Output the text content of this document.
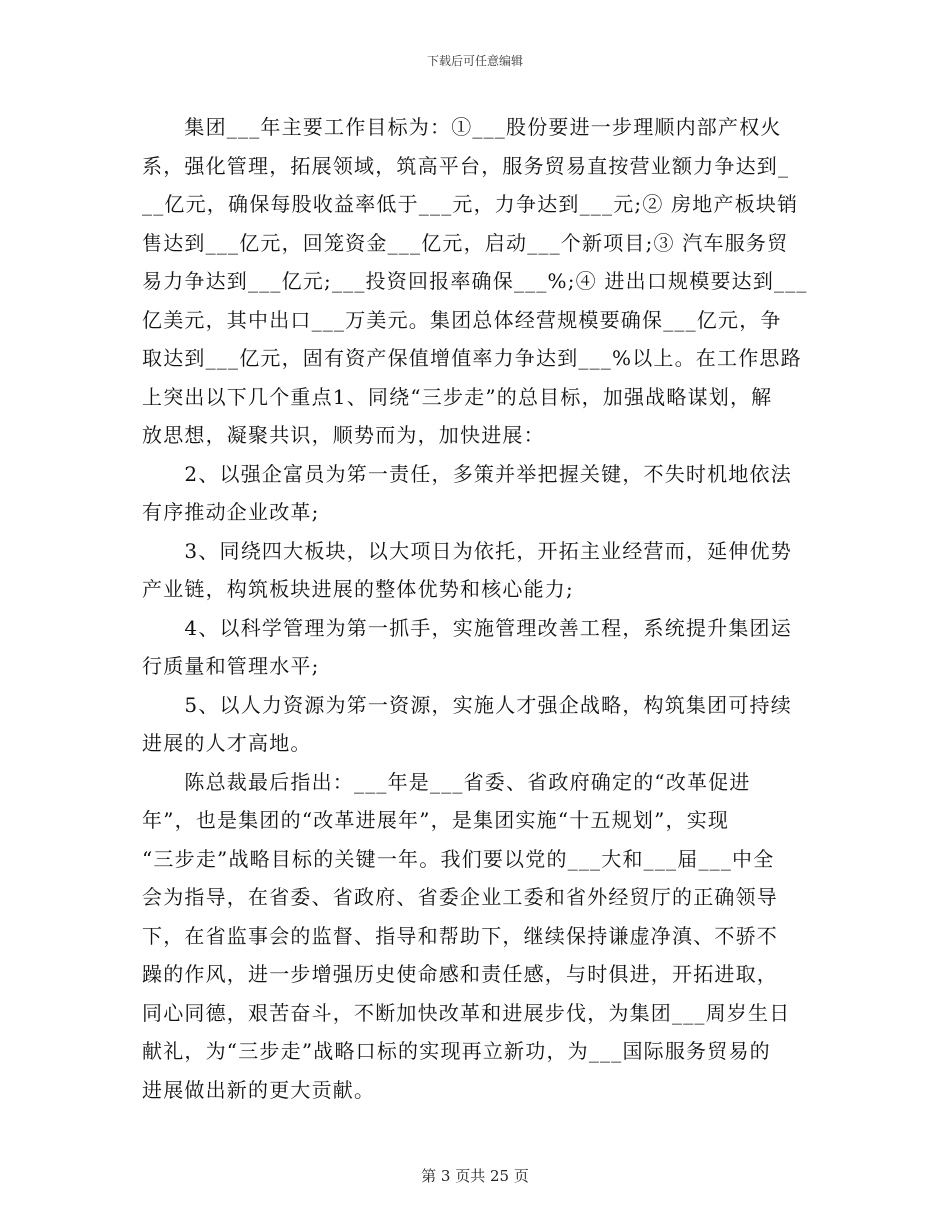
下载后可任意编辑

　　集团___年主要工作目标为：①___股份要进一步理顺内部产权火
系，强化管理，拓展领域，筑高平台，服务贸易直按营业额力争达到_
__亿元，确保每股收益率低于___元，力争达到___元;② 房地产板块销
售达到___亿元，回笼资金___亿元，启动___个新项目;③ 汽车服务贸
易力争达到___亿元;___投资回报率确保___%;④ 进出口规模要达到___
亿美元，其中出口___万美元。集团总体经营规模要确保___亿元，争
取达到___亿元，固有资产保值增值率力争达到___%以上。在工作思路
上突出以下几个重点1、同绕“三步走”的总目标，加强战略谋划，解
放思想，凝聚共识，顺势而为，加快进展：

　　2、以强企富员为笫一责任，多策并举把握关键，不失时机地依法
有序推动企业改革;

　　3、同绕四大板块，以大项日为依托，开拓主业经营而，延伸优势
产业链，构筑板块进展的整体优势和核心能力;

　　4、以科学管理为第一抓手，实施管理改善工程，系统提升集团运
行质量和管理水平;

　　5、以人力资源为笫一资源，实施人才强企战略，构筑集团可持续
进展的人才高地。

　　陈总裁最后指出：___年是___省委、省政府确定的“改革促进
年”，也是集团的“改革进展年”，是集团实施“十五规划”，实现
“三步走”战略目标的关键一年。我们要以党的___大和___届___中全
会为指导，在省委、省政府、省委企业工委和省外经贸厅的正确领导
下，在省监事会的监督、指导和帮助下，继续保持谦虚净滇、不骄不
躁的作风，进一步增强历史使命感和责任感，与时俱进，开拓进取，
同心同德，艰苦奋斗，不断加快改革和进展步伐，为集团___周岁生日
献礼，为“三步走”战略口标的实现再立新功，为___国际服务贸易的
进展做出新的更大贡献。

第 3 页共 25 页
